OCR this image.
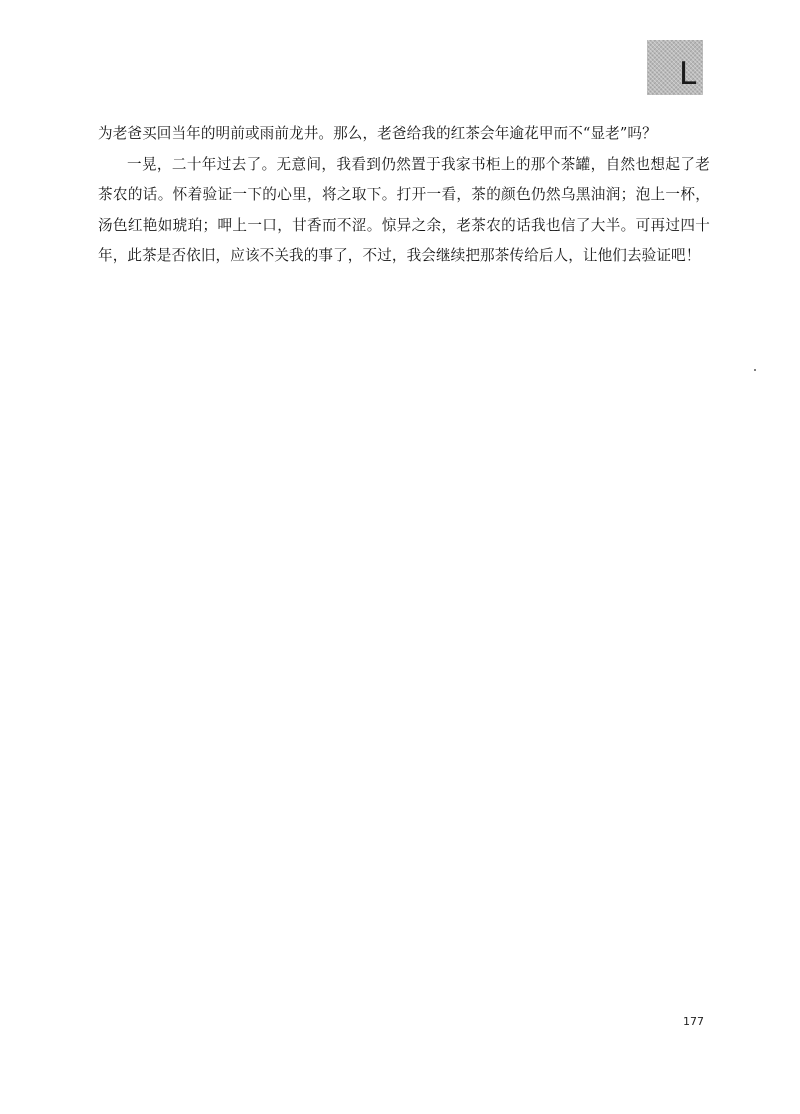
L

为老爸买回当年的明前或雨前龙井。那么，老爸给我的红茶会年逾花甲而不“显老”吗？

一晃，二十年过去了。无意间，我看到仍然置于我家书柜上的那个茶罐，自然也想起了老茶农的话。怀着验证一下的心里，将之取下。打开一看，茶的颜色仍然乌黑油润；泡上一杯，汤色红艳如琥珀；呷上一口，甘香而不涩。惊异之余，老茶农的话我也信了大半。可再过四十年，此茶是否依旧，应该不关我的事了，不过，我会继续把那茶传给后人，让他们去验证吧！

177
